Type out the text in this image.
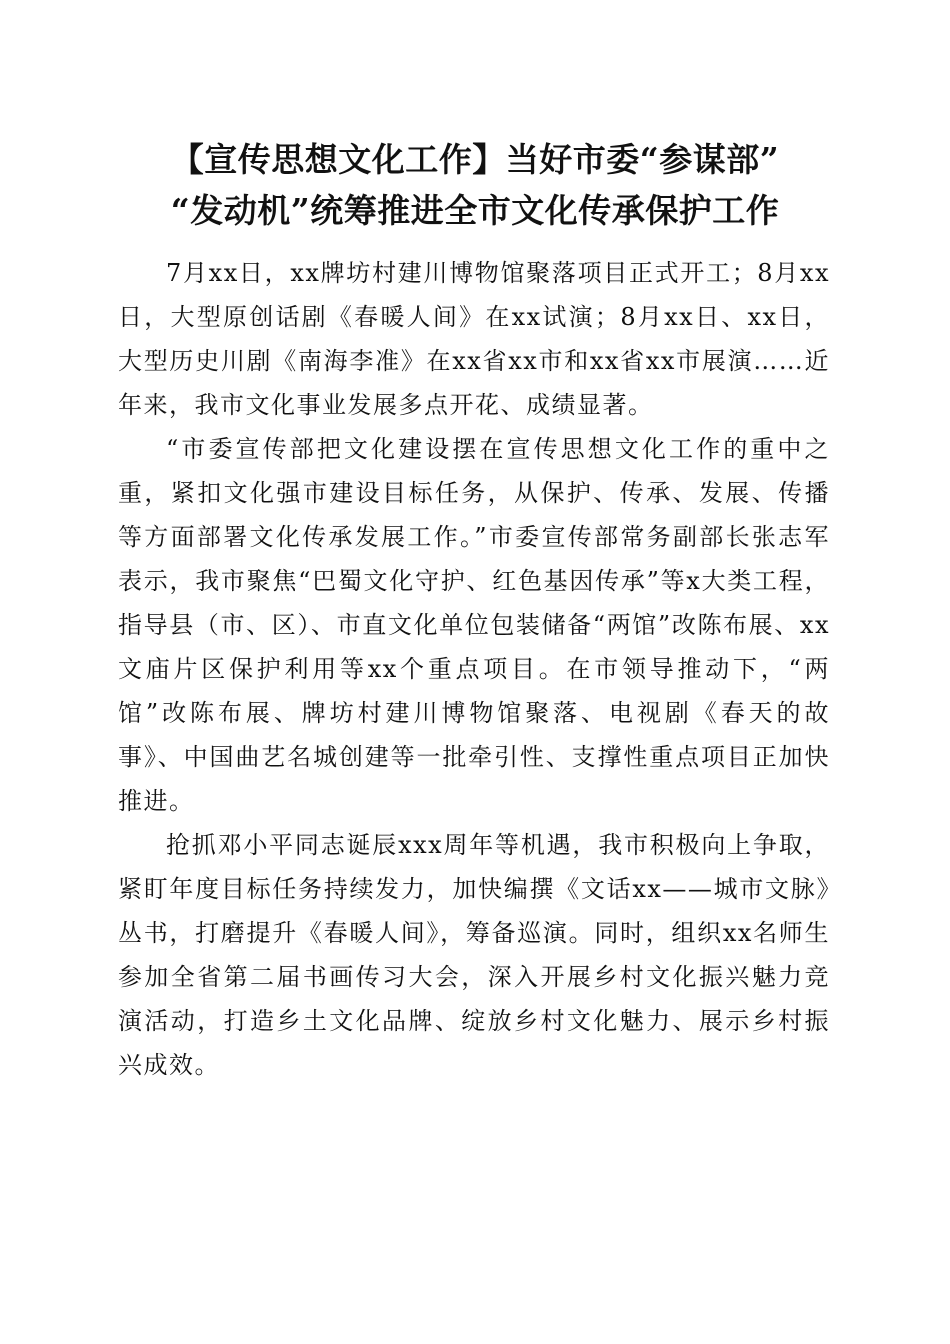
【宣传思想文化工作】当好市委“参谋部”
“发动机”统筹推进全市文化传承保护工作

7月xx日，xx牌坊村建川博物馆聚落项目正式开工；8月xx日，大型原创话剧《春暖人间》在xx试演；8月xx日、xx日，大型历史川剧《南海李准》在xx省xx市和xx省xx市展演……近年来，我市文化事业发展多点开花、成绩显著。

“市委宣传部把文化建设摆在宣传思想文化工作的重中之重，紧扣文化强市建设目标任务，从保护、传承、发展、传播等方面部署文化传承发展工作。”市委宣传部常务副部长张志军表示，我市聚焦“巴蜀文化守护、红色基因传承”等x大类工程，指导县（市、区）、市直文化单位包装储备“两馆”改陈布展、xx文庙片区保护利用等xx个重点项目。在市领导推动下，“两馆”改陈布展、牌坊村建川博物馆聚落、电视剧《春天的故事》、中国曲艺名城创建等一批牵引性、支撑性重点项目正加快推进。

抢抓邓小平同志诞辰xxx周年等机遇，我市积极向上争取，紧盯年度目标任务持续发力，加快编撰《文话xx——城市文脉》丛书，打磨提升《春暖人间》，筹备巡演。同时，组织xx名师生参加全省第二届书画传习大会，深入开展乡村文化振兴魅力竞演活动，打造乡土文化品牌、绽放乡村文化魅力、展示乡村振兴成效。
